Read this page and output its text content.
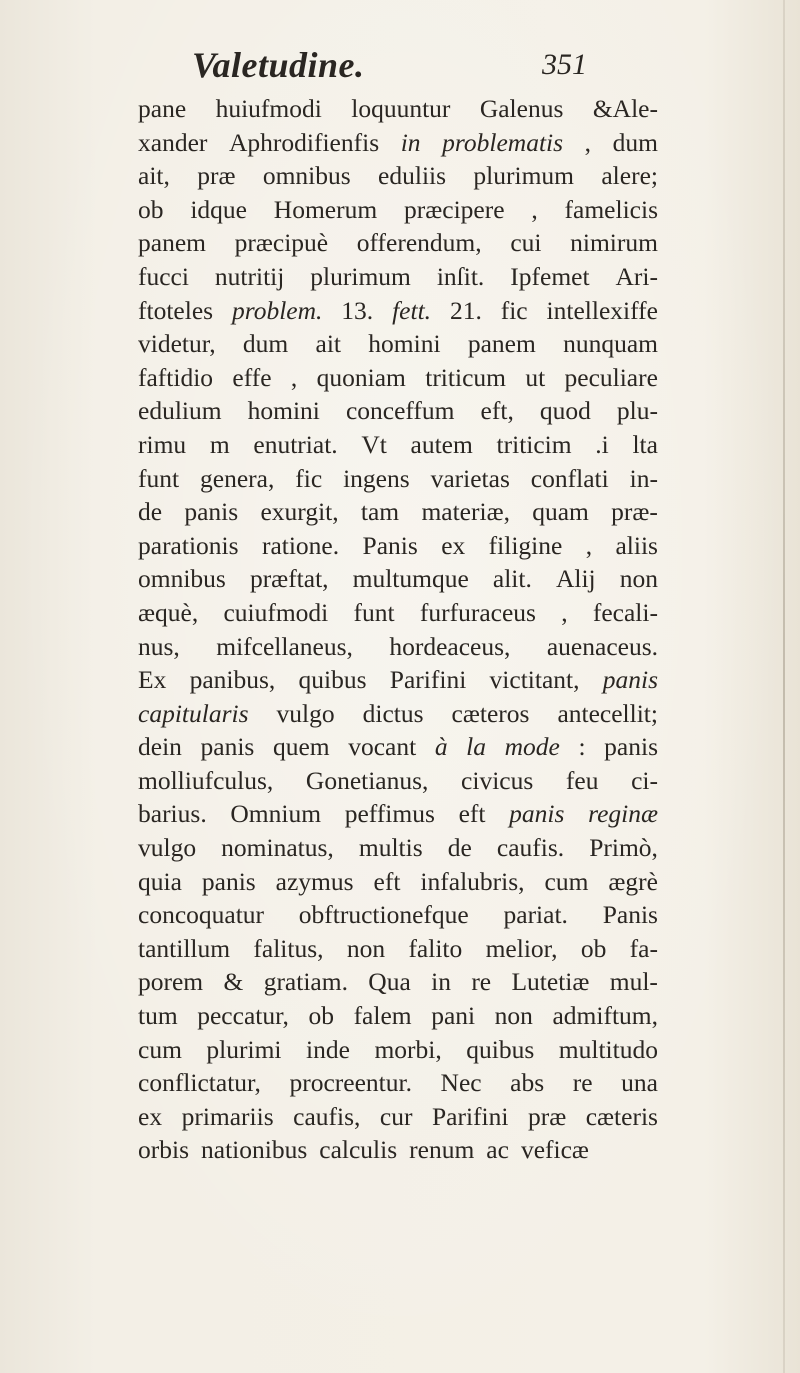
Valetudine.	351
pane huiufmodi loquuntur Galenus &Ale-
xander Aphrodifienfis in problematis , dum
ait, præ omnibus eduliis plurimum alere;
ob idque Homerum præcipere , famelicis
panem præcipuè offerendum, cui nimirum
fucci nutritij plurimum inſit. Ipfemet Ari-
ftoteles problem. 13. fett. 21. fic intellexiffe
videtur, dum ait homini panem nunquam
faftidio effe , quoniam triticum ut peculiare
edulium homini conceffum eft, quod plu-
rimu m enutriat. Vt autem triticim .i lta
funt genera, fic ingens varietas conflati in-
de panis exurgit, tam materiæ, quam præ-
parationis ratione. Panis ex filigine , aliis
omnibus præftat, multumque alit. Alij non
æquè, cuiufmodi funt furfuraceus , fecali-
nus, mifcellaneus, hordeaceus, auenaceus.
Ex panibus, quibus Parifini victitant, panis
capitularis vulgo dictus cæteros antecellit;
dein panis quem vocant à la mode : panis
molliufculus, Gonetianus, civicus feu ci-
barius. Omnium peffimus eft panis reginæ
vulgo nominatus, multis de caufis. Primò,
quia panis azymus eft infalubris, cum ægrè
concoquatur obftructionefque pariat. Panis
tantillum falitus, non falito melior, ob fa-
porem & gratiam. Qua in re Lutetiæ mul-
tum peccatur, ob falem pani non admiftum,
cum plurimi inde morbi, quibus multitudo
conflictatur, procreentur. Nec abs re una
ex primariis caufis, cur Parifini præ cæteris
orbis nationibus calculis renum ac veficæ
